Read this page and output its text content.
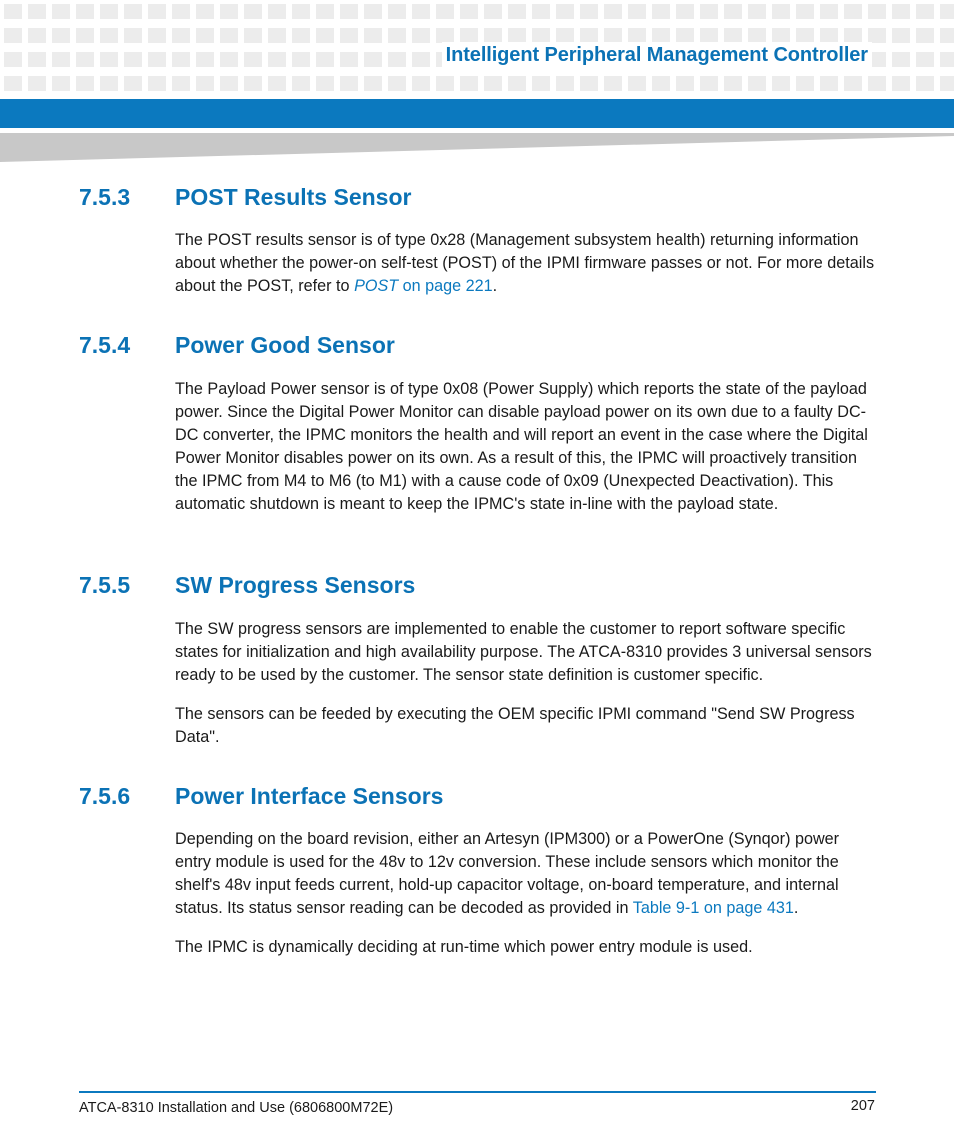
Intelligent Peripheral Management Controller
7.5.3 POST Results Sensor
The POST results sensor is of type 0x28 (Management subsystem health) returning information about whether the power-on self-test (POST) of the IPMI firmware passes or not. For more details about the POST, refer to POST on page 221.
7.5.4 Power Good Sensor
The Payload Power sensor is of type 0x08 (Power Supply) which reports the state of the payload power. Since the Digital Power Monitor can disable payload power on its own due to a faulty DC-DC converter, the IPMC monitors the health and will report an event in the case where the Digital Power Monitor disables power on its own. As a result of this, the IPMC will proactively transition the IPMC from M4 to M6 (to M1) with a cause code of 0x09 (Unexpected Deactivation). This automatic shutdown is meant to keep the IPMC's state in-line with the payload state.
7.5.5 SW Progress Sensors
The SW progress sensors are implemented to enable the customer to report software specific states for initialization and high availability purpose. The ATCA-8310 provides 3 universal sensors ready to be used by the customer. The sensor state definition is customer specific.
The sensors can be feeded by executing the OEM specific IPMI command "Send SW Progress Data".
7.5.6 Power Interface Sensors
Depending on the board revision, either an Artesyn (IPM300) or a PowerOne (Synqor) power entry module is used for the 48v to 12v conversion. These include sensors which monitor the shelf's 48v input feeds current, hold-up capacitor voltage, on-board temperature, and internal status. Its status sensor reading can be decoded as provided in Table 9-1 on page 431.
The IPMC is dynamically deciding at run-time which power entry module is used.
ATCA-8310 Installation and Use (6806800M72E)	207
